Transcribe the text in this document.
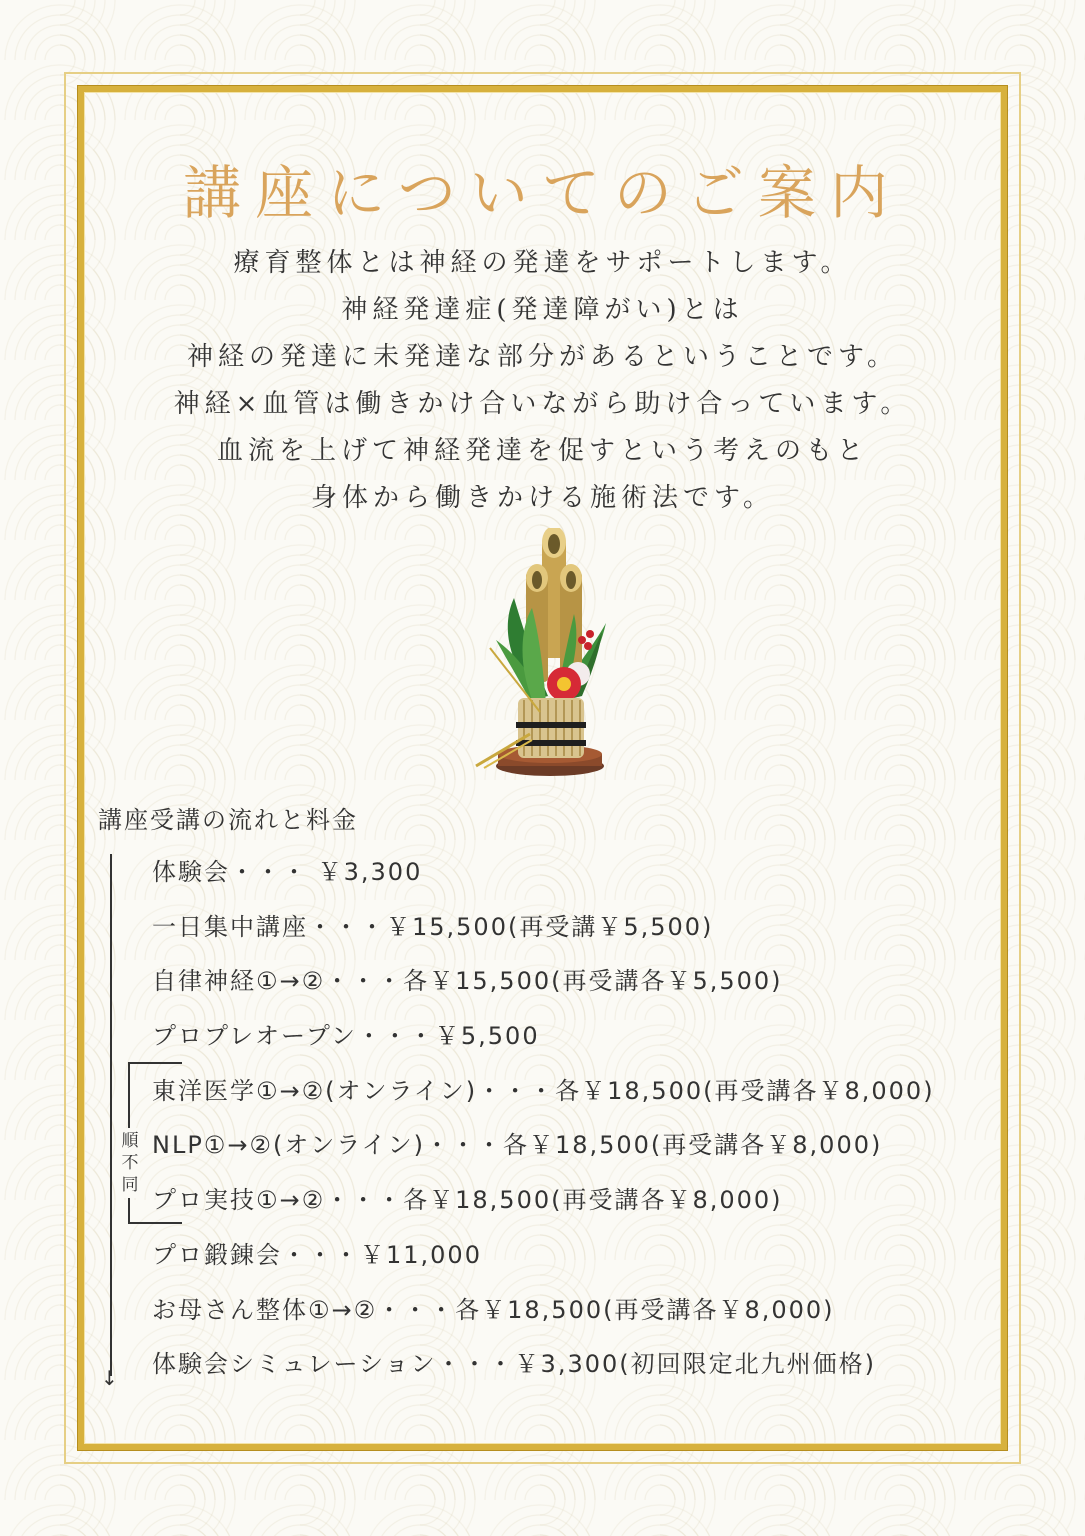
講座についてのご案内
療育整体とは神経の発達をサポートします。
神経発達症(発達障がい)とは
神経の発達に未発達な部分があるということです。
神経×血管は働きかけ合いながら助け合っています。
血流を上げて神経発達を促すという考えのもと
身体から働きかける施術法です。
講座受講の流れと料金
↓
順
不
同
体験会・・・ ￥3,300
一日集中講座・・・￥15,500(再受講￥5,500)
自律神経①→②・・・各￥15,500(再受講各￥5,500)
プロプレオープン・・・￥5,500
東洋医学①→②(オンライン)・・・各￥18,500(再受講各￥8,000)
NLP①→②(オンライン)・・・各￥18,500(再受講各￥8,000)
プロ実技①→②・・・各￥18,500(再受講各￥8,000)
プロ鍛錬会・・・￥11,000
お母さん整体①→②・・・各￥18,500(再受講各￥8,000)
体験会シミュレーション・・・￥3,300(初回限定北九州価格)
